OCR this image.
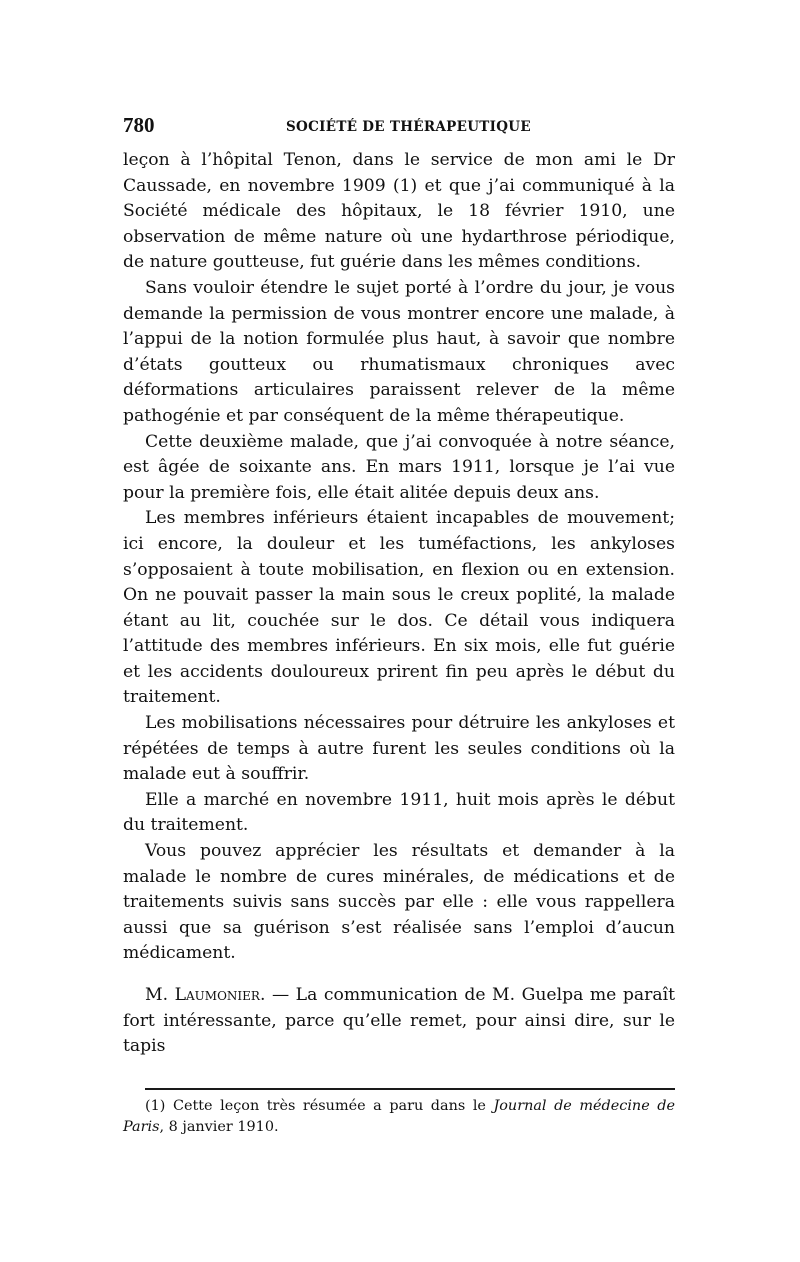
780	SOCIÉTÉ DE THÉRAPEUTIQUE

leçon à l’hôpital Tenon, dans le service de mon ami le Dr Caussade, en novembre 1909 (1) et que j’ai communiqué à la Société médicale des hôpitaux, le 18 février 1910, une observation de même nature où une hydarthrose périodique, de nature goutteuse, fut guérie dans les mêmes conditions.

Sans vouloir étendre le sujet porté à l’ordre du jour, je vous demande la permission de vous montrer encore une malade, à l’appui de la notion formulée plus haut, à savoir que nombre d’états goutteux ou rhumatismaux chroniques avec déformations articulaires paraissent relever de la même pathogénie et par conséquent de la même thérapeutique.

Cette deuxième malade, que j’ai convoquée à notre séance, est âgée de soixante ans. En mars 1911, lorsque je l’ai vue pour la première fois, elle était alitée depuis deux ans.

Les membres inférieurs étaient incapables de mouvement; ici encore, la douleur et les tuméfactions, les ankyloses s’opposaient à toute mobilisation, en flexion ou en extension. On ne pouvait passer la main sous le creux poplité, la malade étant au lit, couchée sur le dos. Ce détail vous indiquera l’attitude des membres inférieurs. En six mois, elle fut guérie et les accidents douloureux prirent fin peu après le début du traitement.

Les mobilisations nécessaires pour détruire les ankyloses et répétées de temps à autre furent les seules conditions où la malade eut à souffrir.

Elle a marché en novembre 1911, huit mois après le début du traitement.

Vous pouvez apprécier les résultats et demander à la malade le nombre de cures minérales, de médications et de traitements suivis sans succès par elle : elle vous rappellera aussi que sa guérison s’est réalisée sans l’emploi d’aucun médicament.

M. Laumonier. — La communication de M. Guelpa me paraît fort intéressante, parce qu’elle remet, pour ainsi dire, sur le tapis

(1) Cette leçon très résumée a paru dans le Journal de médecine de Paris, 8 janvier 1910.
